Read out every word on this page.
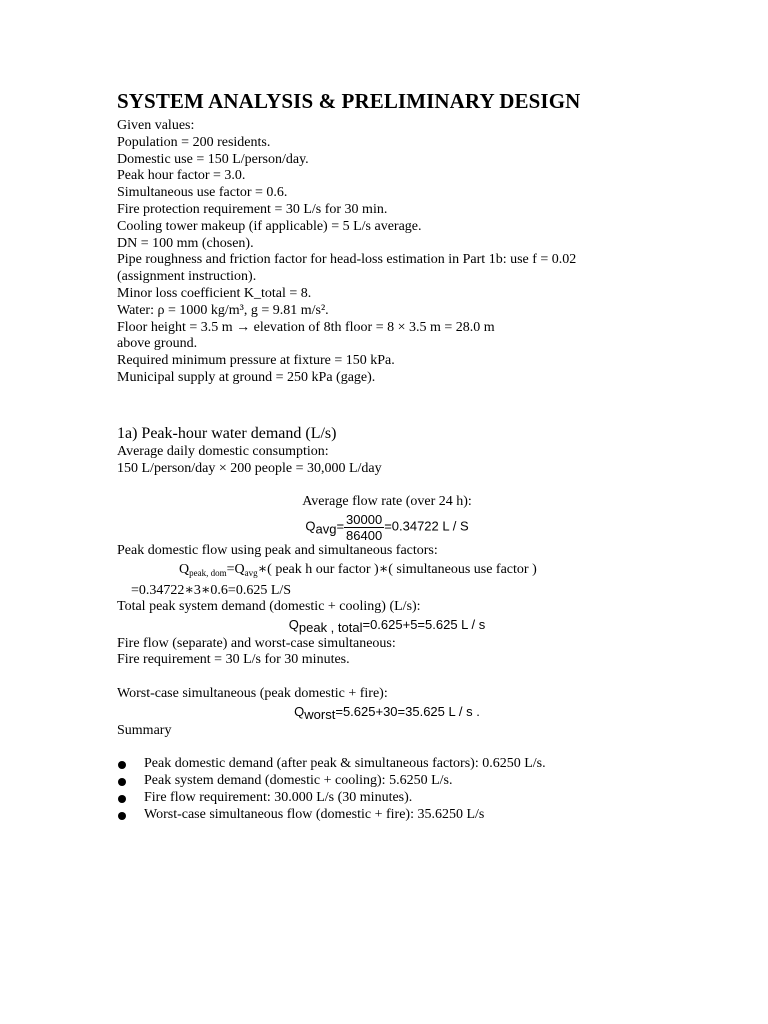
SYSTEM ANALYSIS & PRELIMINARY DESIGN
Given values:
Population = 200 residents.
Domestic use = 150 L/person/day.
Peak hour factor = 3.0.
Simultaneous use factor = 0.6.
Fire protection requirement = 30 L/s for 30 min.
Cooling tower makeup (if applicable) = 5 L/s average.
DN = 100 mm (chosen).
Pipe roughness and friction factor for head-loss estimation in Part 1b: use f = 0.02
(assignment instruction).
Minor loss coefficient K_total = 8.
Water: ρ = 1000 kg/m³, g = 9.81 m/s².
Floor height = 3.5 m → elevation of 8th floor = 8 × 3.5 m = 28.0 m
above ground.
Required minimum pressure at fixture = 150 kPa.
Municipal supply at ground = 250 kPa (gage).
1a) Peak-hour water demand (L/s)
Average daily domestic consumption:
150 L/person/day × 200 people = 30,000 L/day
Average flow rate (over 24 h):
Qavg= $\frac{30000}{86400} =0.34722$ L / S
Peak domestic flow using peak and simultaneous factors:
$Q_{peak, dom}=Q_{avg}∗$( peak h our factor )∗( simultaneous use factor )
=0.34722∗3∗0.6=0.625 L/S
Total peak system demand (domestic + cooling) (L/s):
Qpeak , total=0.625+5=5.625 L / s
Fire flow (separate) and worst-case simultaneous:
Fire requirement = 30 L/s for 30 minutes.
Worst-case simultaneous (peak domestic + fire):
Qworst=5.625+30=35.625 L / s .
Summary
Peak domestic demand (after peak & simultaneous factors): 0.6250 L/s.
Peak system demand (domestic + cooling): 5.6250 L/s.
Fire flow requirement: 30.000 L/s (30 minutes).
Worst-case simultaneous flow (domestic + fire): 35.6250 L/s
